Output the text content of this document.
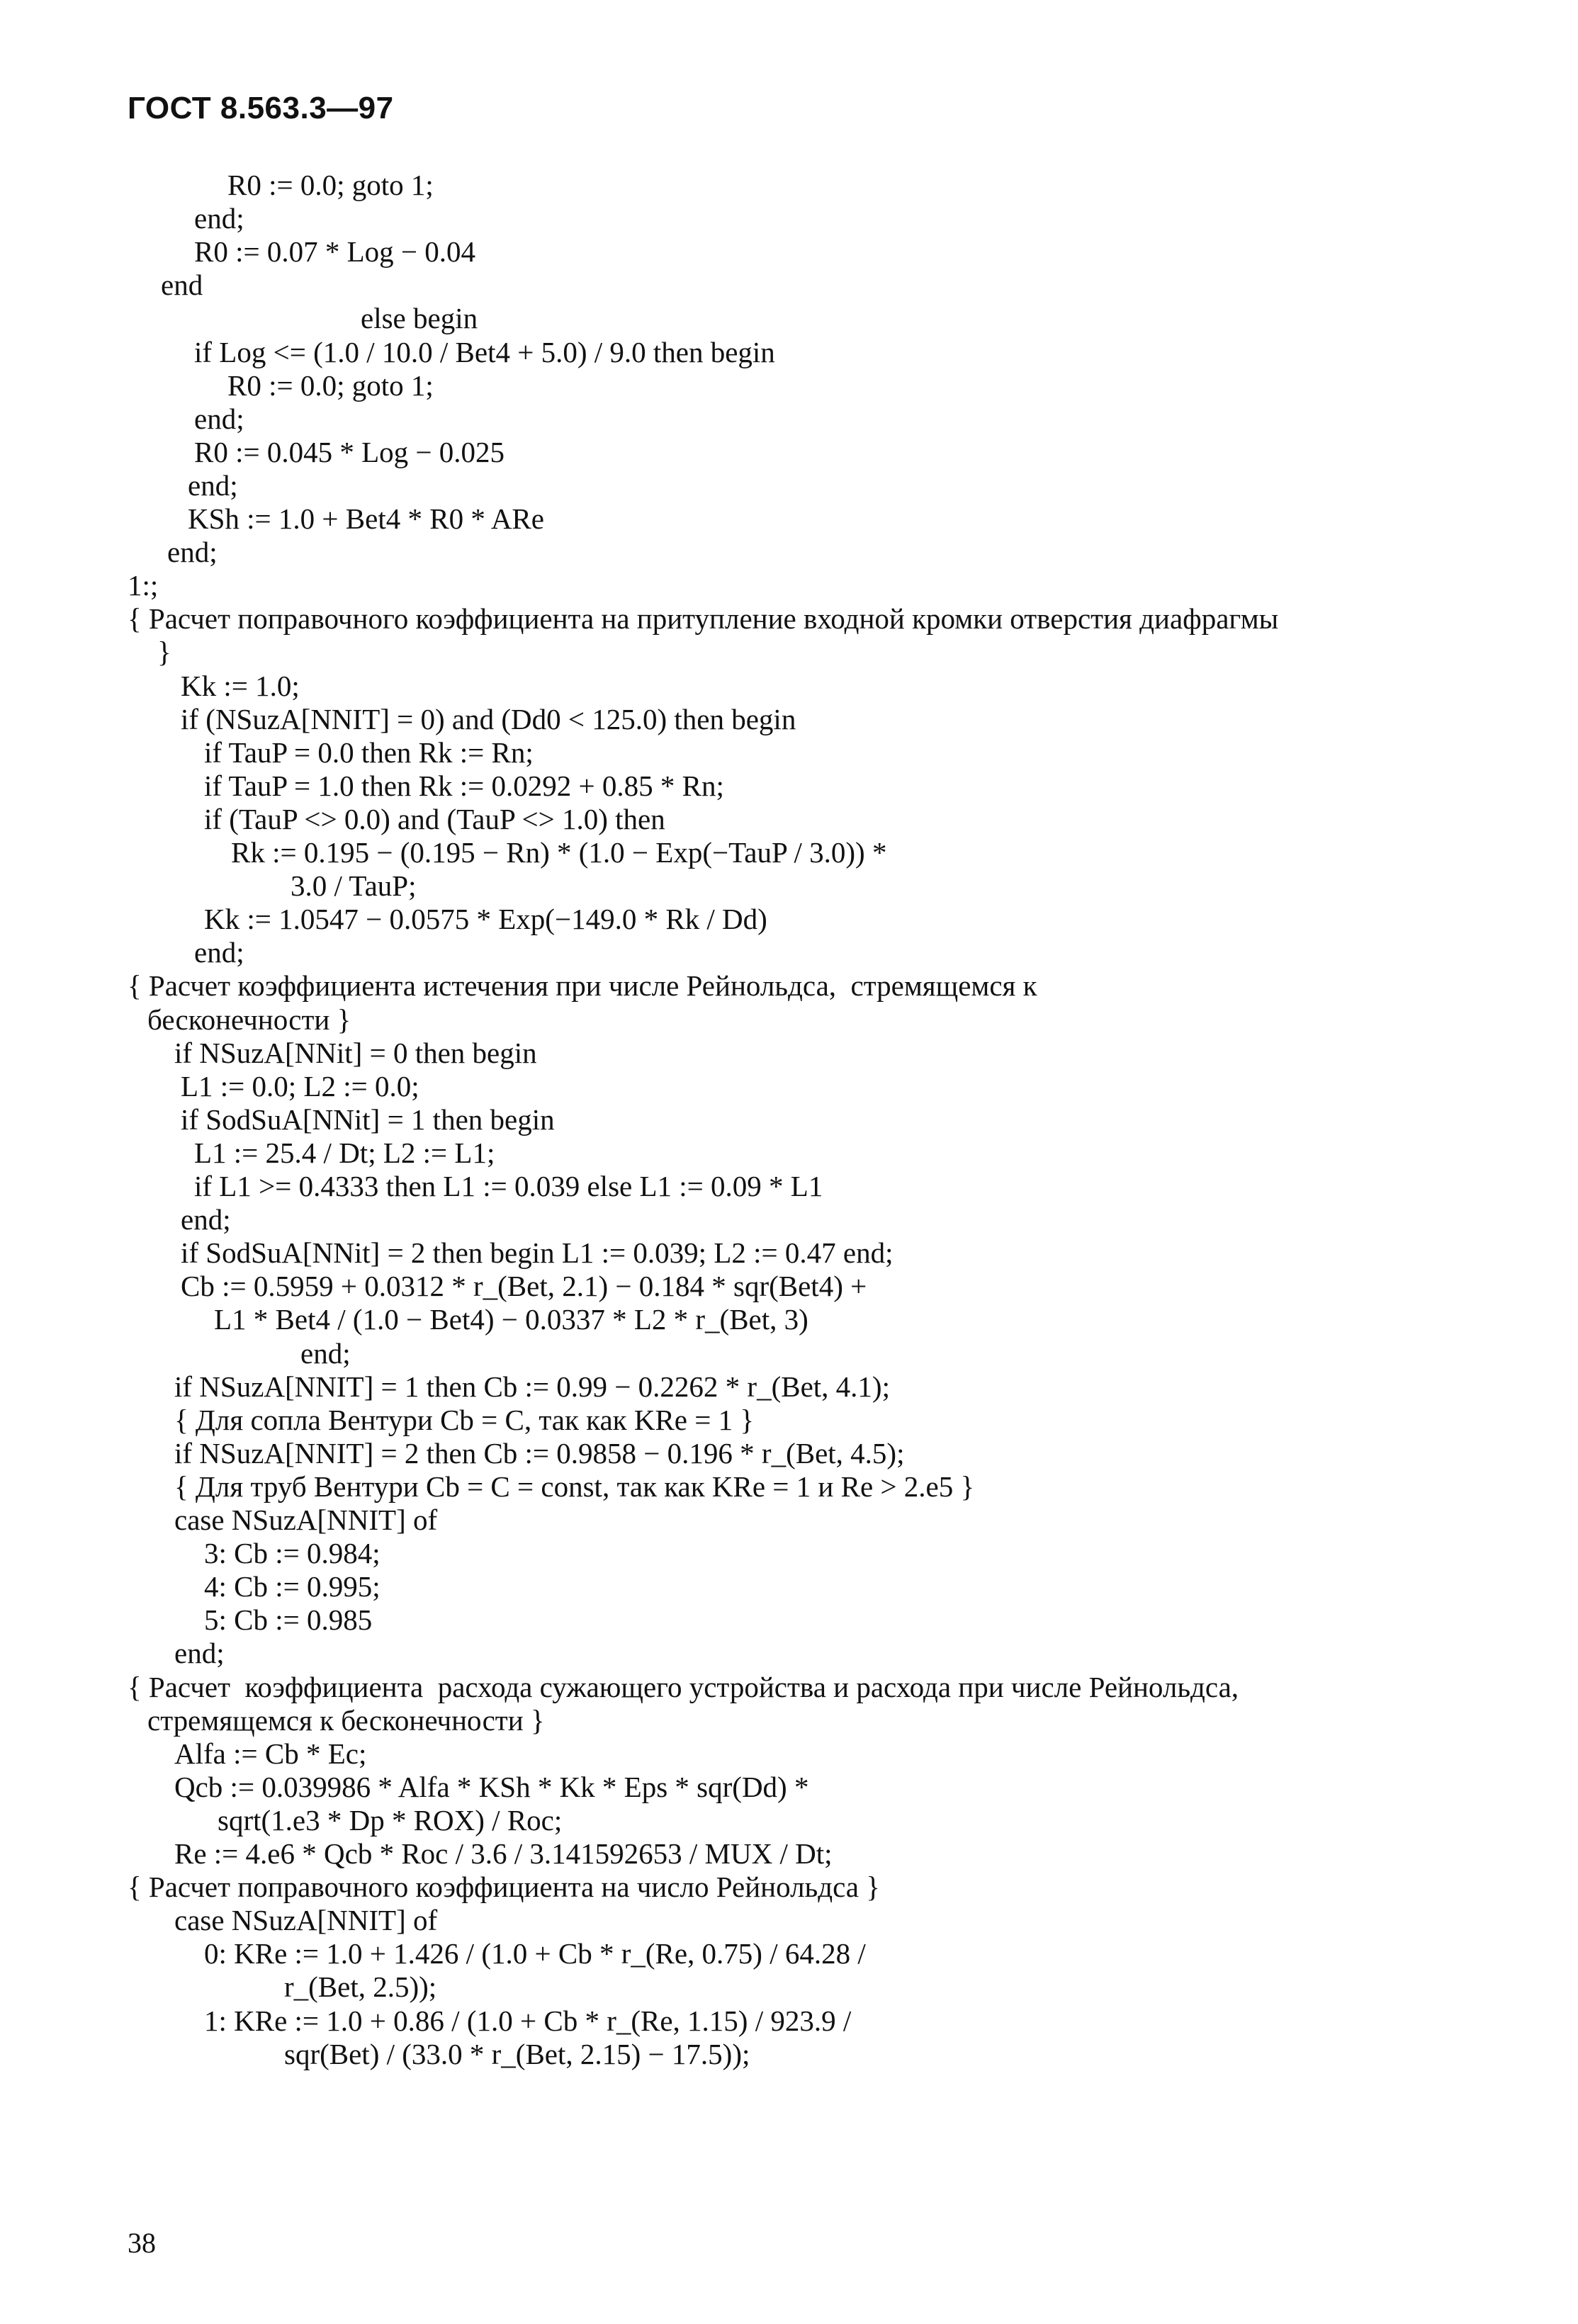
ГОСТ 8.563.3—97
R0 := 0.0; goto 1;
end;
R0 := 0.07 * Log − 0.04
end
else begin
if Log <= (1.0 / 10.0 / Bet4 + 5.0) / 9.0 then begin
R0 := 0.0; goto 1;
end;
R0 := 0.045 * Log − 0.025
end;
KSh := 1.0 + Bet4 * R0 * ARe
end;
1:;
{ Расчет поправочного коэффициента на притупление входной кромки отверстия диафрагмы
}
Kk := 1.0;
if (NSuzA[NNIT] = 0) and (Dd0 < 125.0) then begin
if TauP = 0.0 then Rk := Rn;
if TauP = 1.0 then Rk := 0.0292 + 0.85 * Rn;
if (TauP <> 0.0) and (TauP <> 1.0) then
Rk := 0.195 − (0.195 − Rn) * (1.0 − Exp(−TauP / 3.0)) *
3.0 / TauP;
Kk := 1.0547 − 0.0575 * Exp(−149.0 * Rk / Dd)
end;
{ Расчет коэффициента истечения при числе Рейнольдса,  стремящемся к
бесконечности }
if NSuzA[NNit] = 0 then begin
L1 := 0.0; L2 := 0.0;
if SodSuA[NNit] = 1 then begin
L1 := 25.4 / Dt; L2 := L1;
if L1 >= 0.4333 then L1 := 0.039 else L1 := 0.09 * L1
end;
if SodSuA[NNit] = 2 then begin L1 := 0.039; L2 := 0.47 end;
Cb := 0.5959 + 0.0312 * r_(Bet, 2.1) − 0.184 * sqr(Bet4) +
L1 * Bet4 / (1.0 − Bet4) − 0.0337 * L2 * r_(Bet, 3)
end;
if NSuzA[NNIT] = 1 then Cb := 0.99 − 0.2262 * r_(Bet, 4.1);
{ Для сопла Вентури Cb = C, так как KRe = 1 }
if NSuzA[NNIT] = 2 then Cb := 0.9858 − 0.196 * r_(Bet, 4.5);
{ Для труб Вентури Cb = C = const, так как KRe = 1 и Re > 2.e5 }
case NSuzA[NNIT] of
3: Cb := 0.984;
4: Cb := 0.995;
5: Cb := 0.985
end;
{ Расчет  коэффициента  расхода сужающего устройства и расхода при числе Рейнольдса,
стремящемся к бесконечности }
Alfa := Cb * Ec;
Qcb := 0.039986 * Alfa * KSh * Kk * Eps * sqr(Dd) *
sqrt(1.e3 * Dp * ROX) / Roc;
Re := 4.e6 * Qcb * Roc / 3.6 / 3.141592653 / MUX / Dt;
{ Расчет поправочного коэффициента на число Рейнольдса }
case NSuzA[NNIT] of
0: KRe := 1.0 + 1.426 / (1.0 + Cb * r_(Re, 0.75) / 64.28 /
r_(Bet, 2.5));
1: KRe := 1.0 + 0.86 / (1.0 + Cb * r_(Re, 1.15) / 923.9 /
sqr(Bet) / (33.0 * r_(Bet, 2.15) − 17.5));
38
